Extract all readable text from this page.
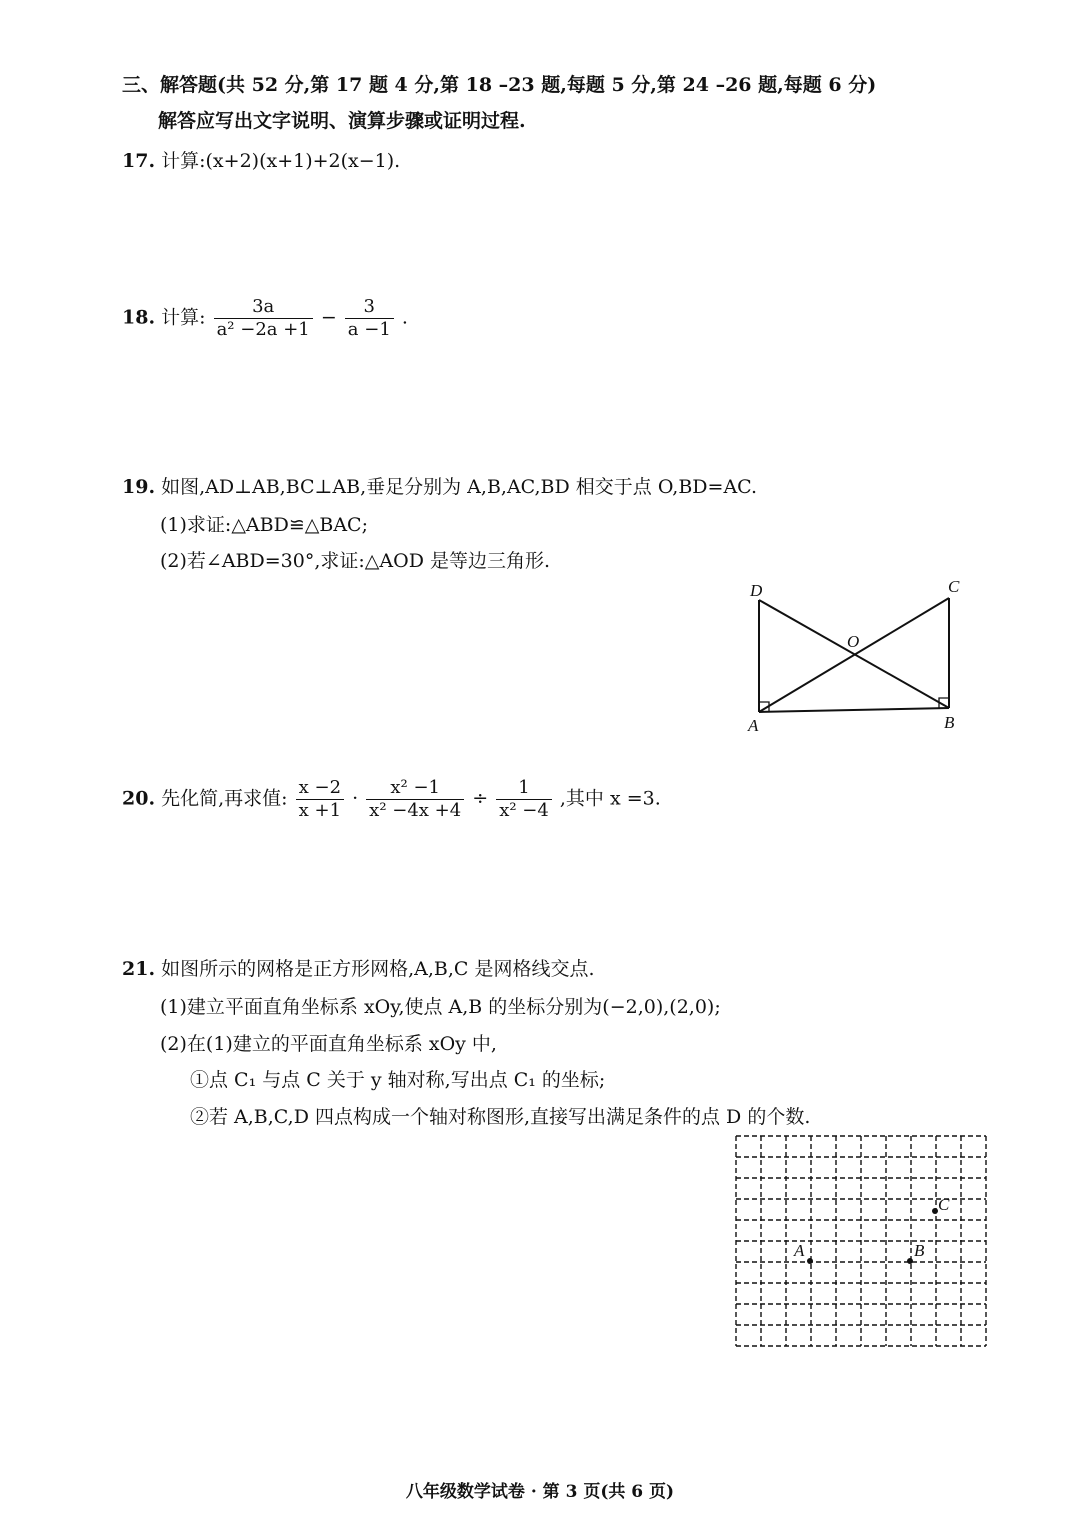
三、解答题(共 52 分,第 17 题 4 分,第 18 –23 题,每题 5 分,第 24 –26 题,每题 6 分)
解答应写出文字说明、演算步骤或证明过程.
17. 计算:(x+2)(x+1)+2(x−1).
18. 计算: $\frac{3a}{\text{a² −2a +1}} - \frac{3}{a -1}$ .
19. 如图,AD⊥AB,BC⊥AB,垂足分别为 A,B,AC,BD 相交于点 O,BD=AC.
(1)求证:△ABD≌△BAC;
(2)若∠ABD=30°,求证:△AOD 是等边三角形.
D	C
O
A	B
20. 先化简,再求值: $\frac{x -2}{x +1} \cdot \frac{\text{x² −1}}{\text{x² −4x +4}} \div \frac{1}{\text{x² −4}}$ ,其中 x =3.
21. 如图所示的网格是正方形网格,A,B,C 是网格线交点.
(1)建立平面直角坐标系 xOy,使点 A,B 的坐标分别为(−2,0),(2,0);
(2)在(1)建立的平面直角坐标系 xOy 中,
①点 C₁ 与点 C 关于 y 轴对称,写出点 C₁ 的坐标;
②若 A,B,C,D 四点构成一个轴对称图形,直接写出满足条件的点 D 的个数.
A	B
C
八年级数学试卷 · 第 3 页(共 6 页)
